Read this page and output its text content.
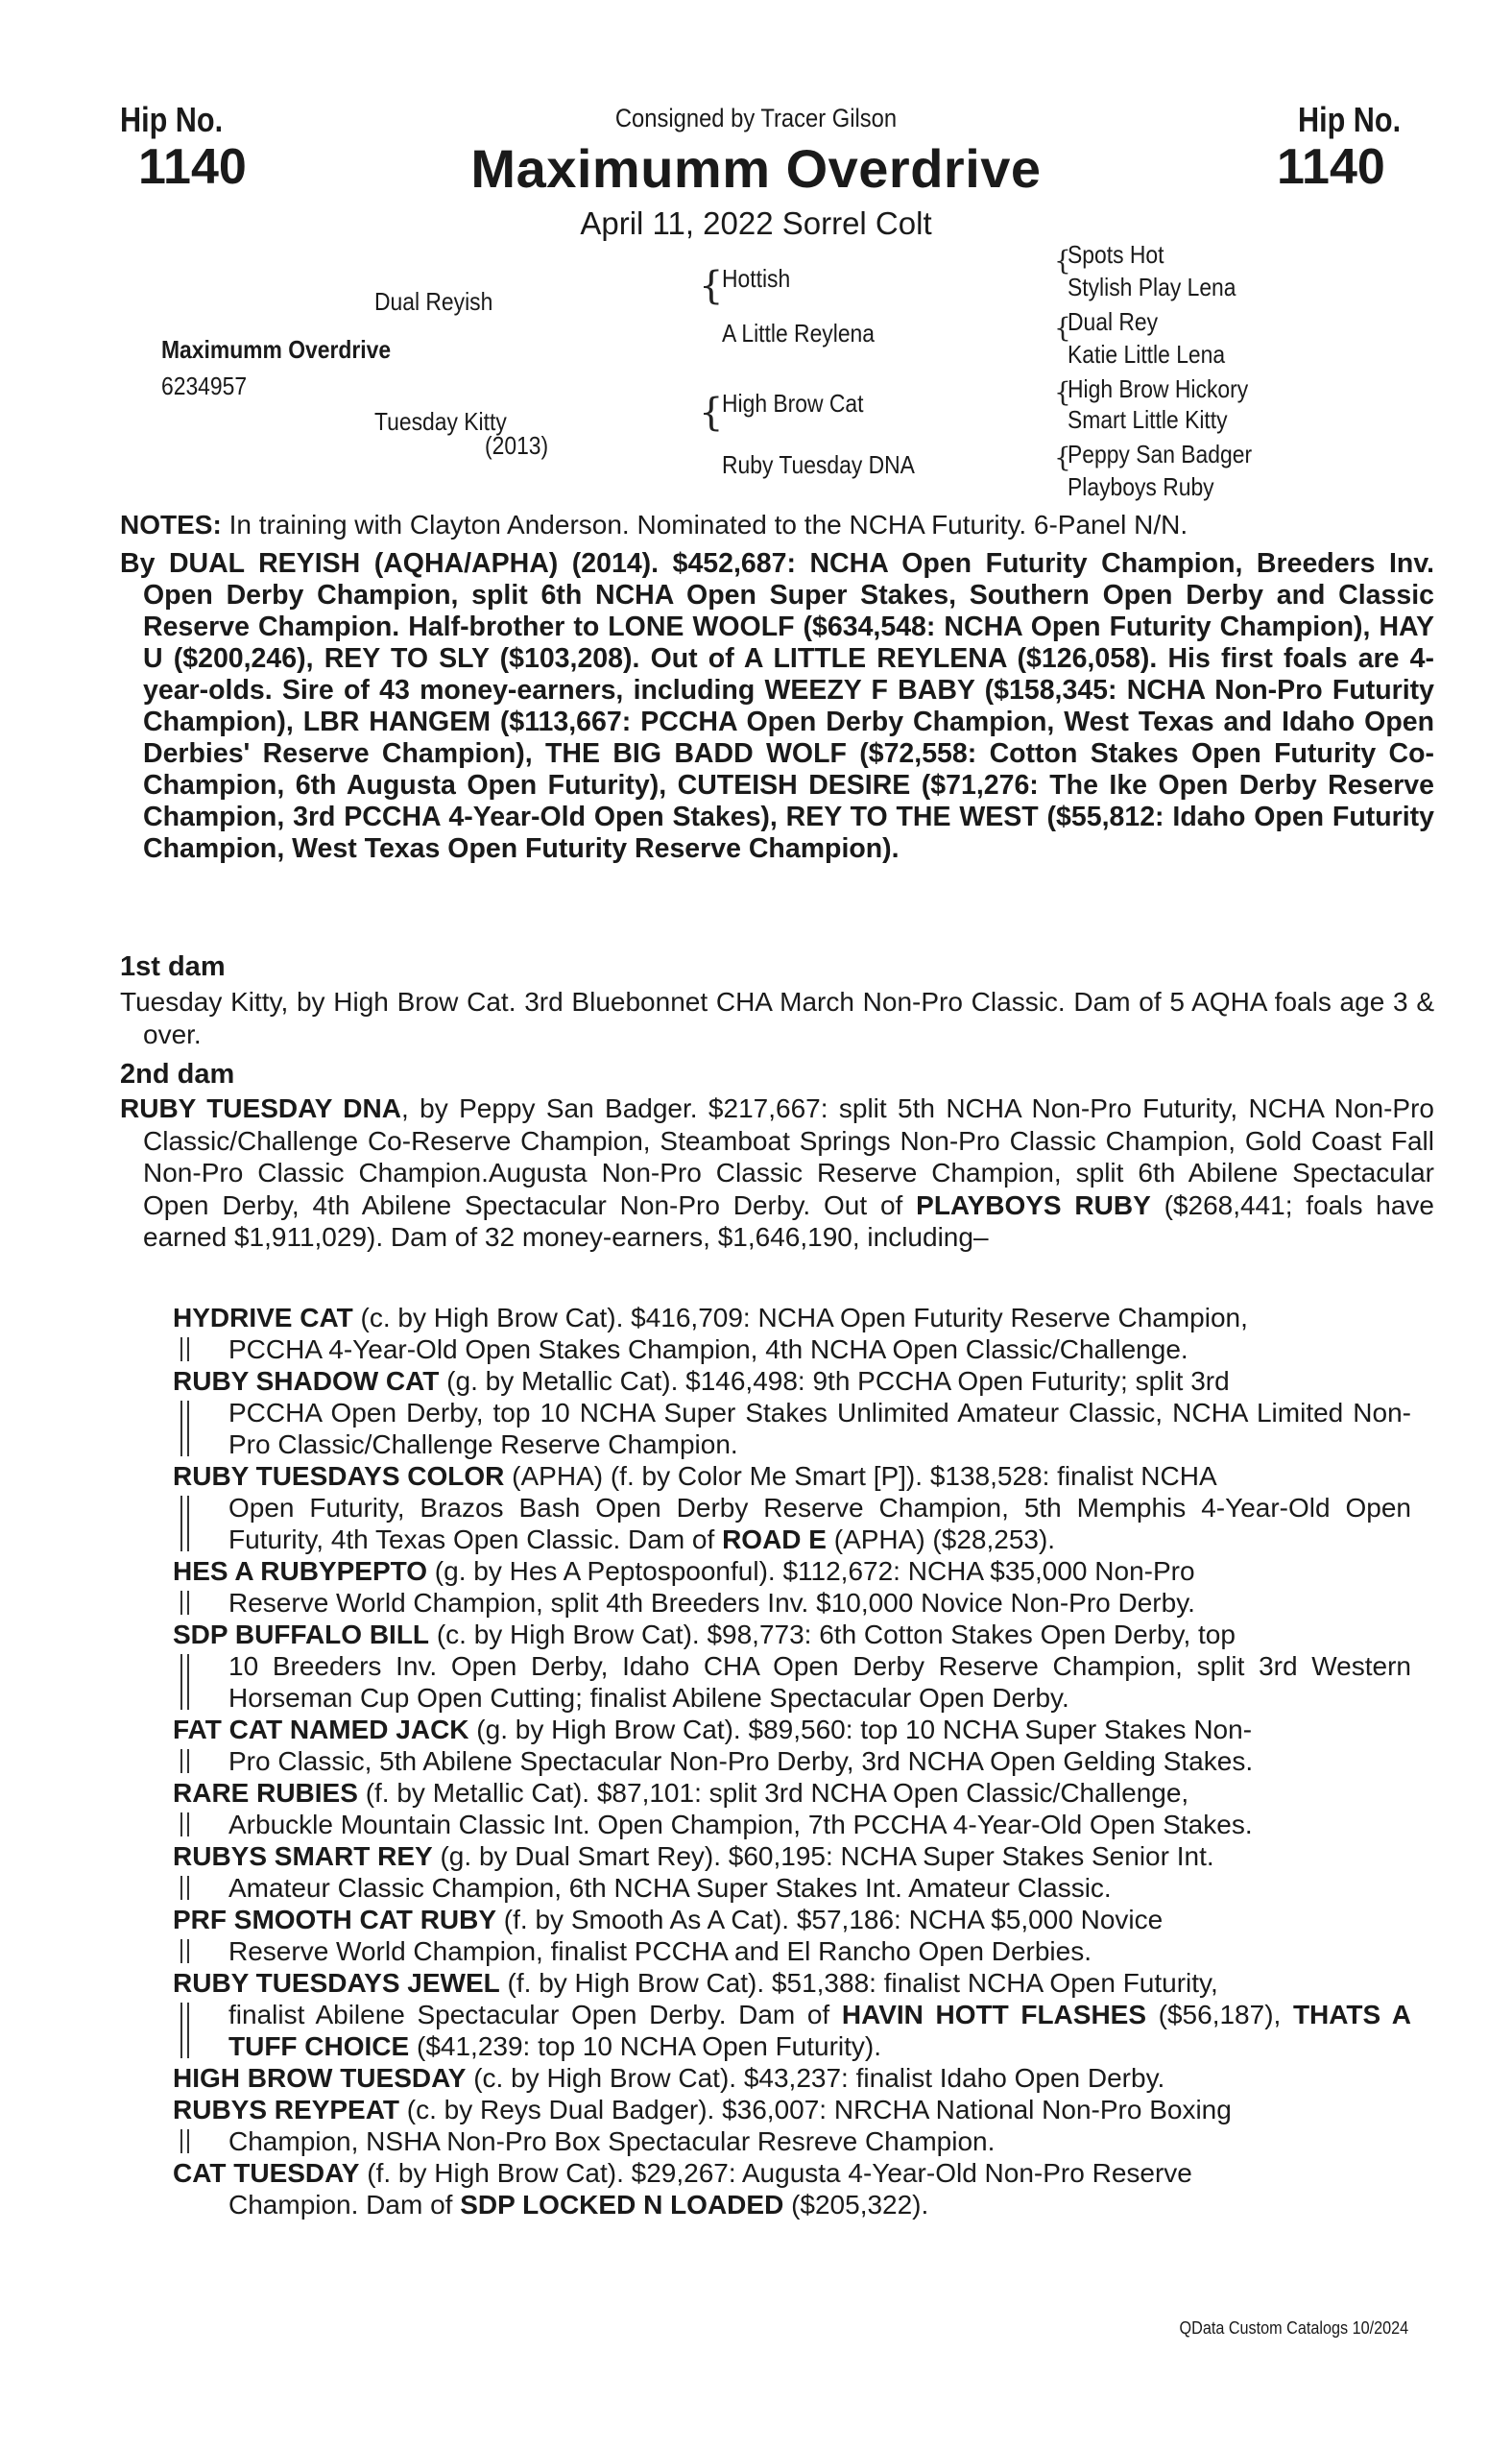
Hip No.
1140
Hip No.
1140
Consigned by Tracer Gilson
Maximumm Overdrive
April 11, 2022 Sorrel Colt
Maximumm Overdrive
6234957
Dual Reyish
Tuesday Kitty
(2013)
{
{
Hottish
A Little Reylena
High Brow Cat
Ruby Tuesday DNA
{
{
{
{
Spots Hot
Stylish Play Lena
Dual Rey
Katie Little Lena
High Brow Hickory
Smart Little Kitty
Peppy San Badger
Playboys Ruby
NOTES: In training with Clayton Anderson. Nominated to the NCHA Futurity. 6-Panel N/N.
By DUAL REYISH (AQHA/APHA) (2014). $452,687: NCHA Open Futurity Champion, Breeders Inv. Open Derby Champion, split 6th NCHA Open Super Stakes, Southern Open Derby and Classic Reserve Champion. Half-brother to LONE WOOLF ($634,548: NCHA Open Futurity Champion), HAY U ($200,246), REY TO SLY ($103,208). Out of A LITTLE REYLENA ($126,058). His first foals are 4-year-olds. Sire of 43 money-earners, including WEEZY F BABY ($158,345: NCHA Non-Pro Futurity Champion), LBR HANGEM ($113,667: PCCHA Open Derby Champion, West Texas and Idaho Open Derbies' Reserve Champion), THE BIG BADD WOLF ($72,558: Cotton Stakes Open Futurity Co-Champion, 6th Augusta Open Futurity), CUTEISH DESIRE ($71,276: The Ike Open Derby Reserve Champion, 3rd PCCHA 4-Year-Old Open Stakes), REY TO THE WEST ($55,812: Idaho Open Futurity Champion, West Texas Open Futurity Reserve Champion).
1st dam
Tuesday Kitty, by High Brow Cat. 3rd Bluebonnet CHA March Non-Pro Classic. Dam of 5 AQHA foals age 3 & over.
2nd dam
RUBY TUESDAY DNA, by Peppy San Badger. $217,667: split 5th NCHA Non-Pro Futurity, NCHA Non-Pro Classic/Challenge Co-Reserve Champion, Steamboat Springs Non-Pro Classic Champion, Gold Coast Fall Non-Pro Classic Champion.Augusta Non-Pro Classic Reserve Champion, split 6th Abilene Spectacular Open Derby, 4th Abilene Spectacular Non-Pro Derby. Out of PLAYBOYS RUBY ($268,441; foals have earned $1,911,029). Dam of 32 money-earners, $1,646,190, including–
HYDRIVE CAT (c. by High Brow Cat). $416,709: NCHA Open Futurity Reserve Champion,
PCCHA 4-Year-Old Open Stakes Champion, 4th NCHA Open Classic/Challenge.
RUBY SHADOW CAT (g. by Metallic Cat). $146,498: 9th PCCHA Open Futurity; split 3rd
PCCHA Open Derby, top 10 NCHA Super Stakes Unlimited Amateur Classic, NCHA Limited Non-Pro Classic/Challenge Reserve Champion.
RUBY TUESDAYS COLOR (APHA) (f. by Color Me Smart [P]). $138,528: finalist NCHA
Open Futurity, Brazos Bash Open Derby Reserve Champion, 5th Memphis 4-Year-Old Open Futurity, 4th Texas Open Classic. Dam of ROAD E (APHA) ($28,253).
HES A RUBYPEPTO (g. by Hes A Peptospoonful). $112,672: NCHA $35,000 Non-Pro
Reserve World Champion, split 4th Breeders Inv. $10,000 Novice Non-Pro Derby.
SDP BUFFALO BILL (c. by High Brow Cat). $98,773: 6th Cotton Stakes Open Derby, top
10 Breeders Inv. Open Derby, Idaho CHA Open Derby Reserve Champion, split 3rd Western Horseman Cup Open Cutting; finalist Abilene Spectacular Open Derby.
FAT CAT NAMED JACK (g. by High Brow Cat). $89,560: top 10 NCHA Super Stakes Non-
Pro Classic, 5th Abilene Spectacular Non-Pro Derby, 3rd NCHA Open Gelding Stakes.
RARE RUBIES (f. by Metallic Cat). $87,101: split 3rd NCHA Open Classic/Challenge,
Arbuckle Mountain Classic Int. Open Champion, 7th PCCHA 4-Year-Old Open Stakes.
RUBYS SMART REY (g. by Dual Smart Rey). $60,195: NCHA Super Stakes Senior Int.
Amateur Classic Champion, 6th NCHA Super Stakes Int. Amateur Classic.
PRF SMOOTH CAT RUBY (f. by Smooth As A Cat). $57,186: NCHA $5,000 Novice
Reserve World Champion, finalist PCCHA and El Rancho Open Derbies.
RUBY TUESDAYS JEWEL (f. by High Brow Cat). $51,388: finalist NCHA Open Futurity,
finalist Abilene Spectacular Open Derby. Dam of HAVIN HOTT FLASHES ($56,187), THATS A TUFF CHOICE ($41,239: top 10 NCHA Open Futurity).
HIGH BROW TUESDAY (c. by High Brow Cat). $43,237: finalist Idaho Open Derby.
RUBYS REYPEAT (c. by Reys Dual Badger). $36,007: NRCHA National Non-Pro Boxing
Champion, NSHA Non-Pro Box Spectacular Resreve Champion.
CAT TUESDAY (f. by High Brow Cat). $29,267: Augusta 4-Year-Old Non-Pro Reserve
Champion. Dam of SDP LOCKED N LOADED ($205,322).
QData Custom Catalogs 10/2024
